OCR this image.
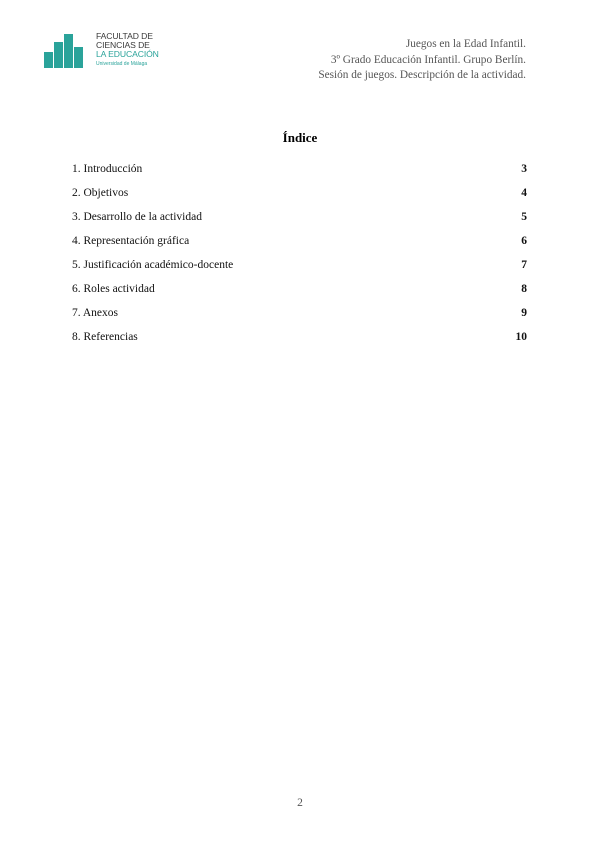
FACULTAD DE
CIENCIAS DE
LA EDUCACIÓN
Universidad de Málaga
Juegos en la Edad Infantil.
3º Grado Educación Infantil. Grupo Berlín.
Sesión de juegos. Descripción de la actividad.
Índice
1. Introducción	3
2. Objetivos	4
3. Desarrollo de la actividad	5
4. Representación gráfica	6
5. Justificación académico-docente	7
6. Roles actividad	8
7. Anexos	9
8. Referencias	10
2
